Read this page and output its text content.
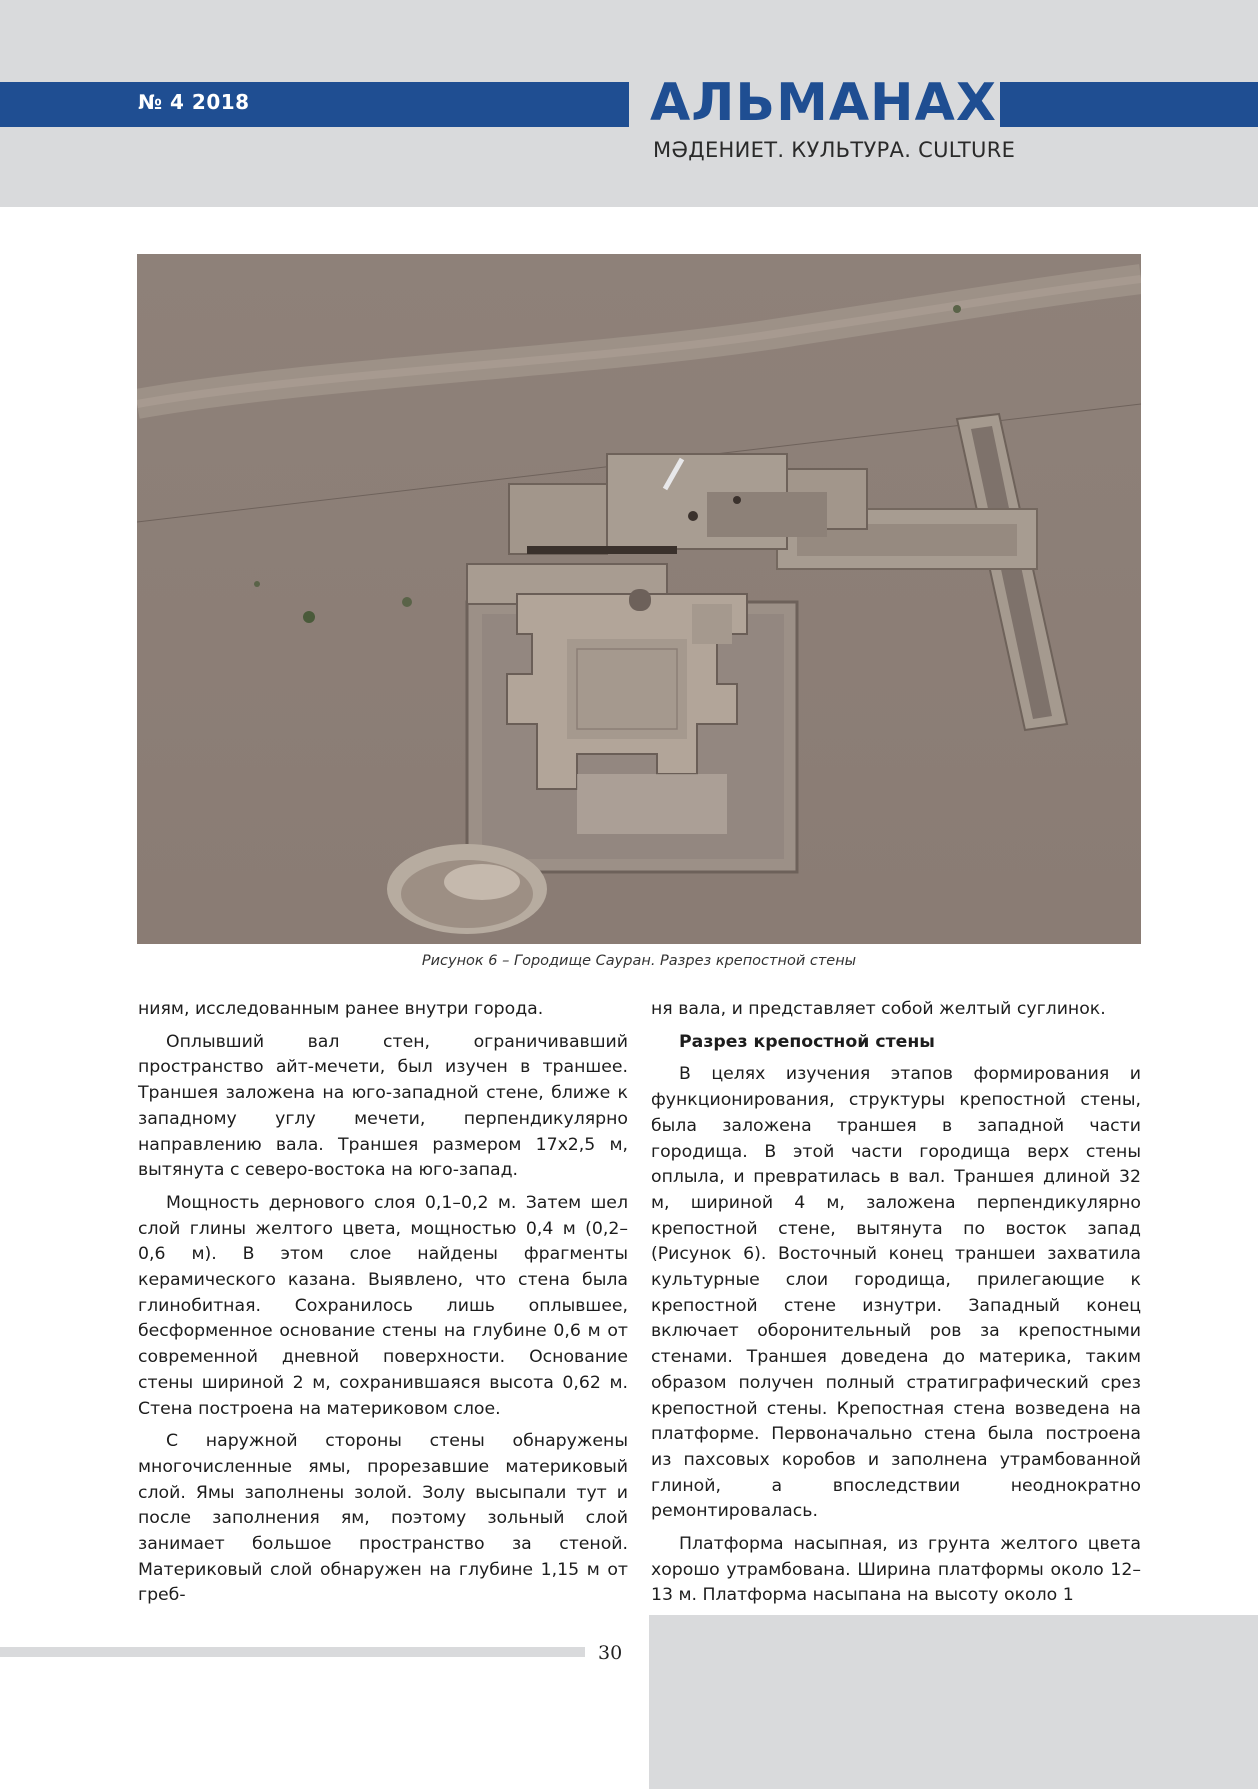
№ 4 2018	АЛЬМАНАХ
МӘДЕНИЕТ. КУЛЬТУРА. CULTURE
Рисунок 6 – Городище Сауран. Разрез крепостной стены

ниям, исследованным ранее внутри города.

Оплывший вал стен, ограничивавший пространство айт-мечети, был изучен в траншее. Траншея заложена на юго-западной стене, ближе к западному углу мечети, перпендикулярно направлению вала. Траншея размером 17х2,5 м, вытянута с северо-востока на юго-запад.

Мощность дернового слоя 0,1–0,2 м. Затем шел слой глины желтого цвета, мощностью 0,4 м (0,2–0,6 м). В этом слое найдены фрагменты керамического казана. Выявлено, что стена была глинобитная. Сохранилось лишь оплывшее, бесформенное основание стены на глубине 0,6 м от современной дневной поверхности. Основание стены шириной 2 м, сохранившаяся высота 0,62 м. Стена построена на материковом слое.

С наружной стороны стены обнаружены многочисленные ямы, прорезавшие материковый слой. Ямы заполнены золой. Золу высыпали тут и после заполнения ям, поэтому зольный слой занимает большое пространство за стеной. Материковый слой обнаружен на глубине 1,15 м от греб-

ня вала, и представляет собой желтый суглинок.

Разрез крепостной стены

В целях изучения этапов формирования и функционирования, структуры крепостной стены, была заложена траншея в западной части городища. В этой части городища верх стены оплыла, и превратилась в вал. Траншея длиной 32 м, шириной 4 м, заложена перпендикулярно крепостной стене, вытянута по восток запад (Рисунок 6). Восточный конец траншеи захватила культурные слои городища, прилегающие к крепостной стене изнутри. Западный конец включает оборонительный ров за крепостными стенами. Траншея доведена до материка, таким образом получен полный стратиграфический срез крепостной стены. Крепостная стена возведена на платформе. Первоначально стена была построена из пахсовых коробов и заполнена утрамбованной глиной, а впоследствии неоднократно ремонтировалась.

Платформа насыпная, из грунта желтого цвета хорошо утрамбована. Ширина платформы около 12–13 м. Платформа насыпана на высоту около 1

30
